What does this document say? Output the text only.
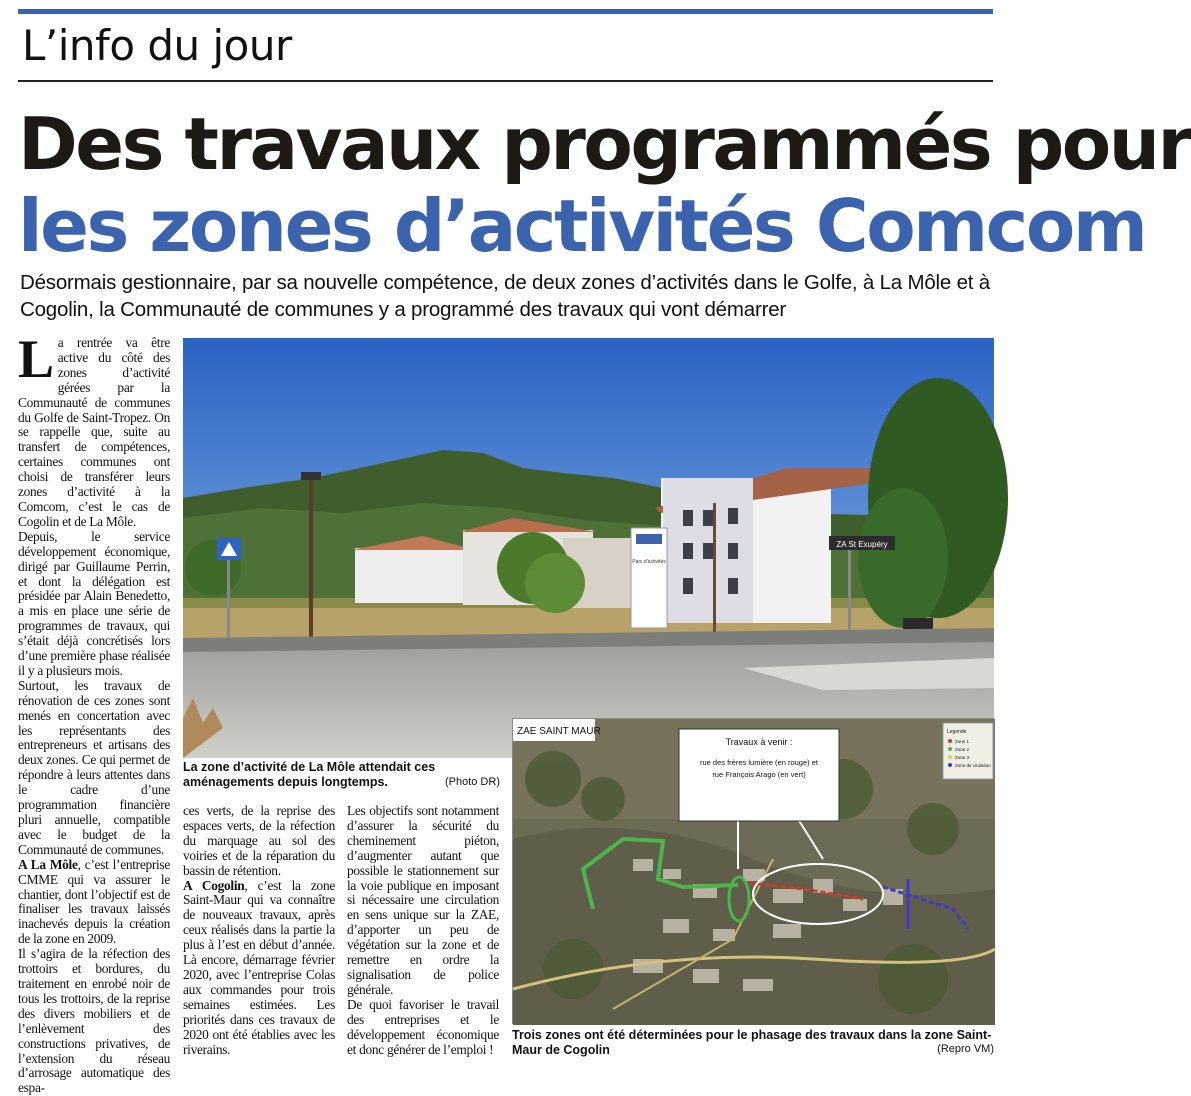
L’info du jour
Des travaux programmés pour
les zones d’activités Comcom
Désormais gestionnaire, par sa nouvelle compétence, de deux zones d’activités dans le Golfe, à La Môle et à Cogolin, la Communauté de communes y a programmé des travaux qui vont démarrer

La rentrée va être active du côté des zones d’activité gérées par la Communauté de communes du Golfe de Saint-Tropez. On se rappelle que, suite au transfert de compétences, certaines communes ont choisi de transférer leurs zones d’activité à la Comcom, c’est le cas de Cogolin et de La Môle.

Depuis, le service développement économique, dirigé par Guillaume Perrin, et dont la délégation est présidée par Alain Benedetto, a mis en place une série de programmes de travaux, qui s’était déjà concrétisés lors d’une première phase réalisée il y a plusieurs mois.

Surtout, les travaux de rénovation de ces zones sont menés en concertation avec les représentants des entrepreneurs et artisans des deux zones. Ce qui permet de répondre à leurs attentes dans le cadre d’une programmation financière pluri annuelle, compatible avec le budget de la Communauté de communes.

A La Môle, c’est l’entreprise CMME qui va assurer le chantier, dont l’objectif est de finaliser les travaux laissés inachevés depuis la création de la zone en 2009.

Il s’agira de la réfection des trottoirs et bordures, du traitement en enrobé noir de tous les trottoirs, de la reprise des divers mobiliers et de l’enlèvement des constructions privatives, de l’extension du réseau d’arrosage automatique des espa-

Parc d'activités
ZA St Exupéry
La zone d’activité de La Môle attendait ces aménagements depuis longtemps.	(Photo DR)

ces verts, de la reprise des espaces verts, de la réfection du marquage au sol des voiries et de la réparation du bassin de rétention.

A Cogolin, c’est la zone Saint-Maur qui va connaître de nouveaux travaux, après ceux réalisés dans la partie la plus à l’est en début d’année. Là encore, démarrage février 2020, avec l’entreprise Colas aux commandes pour trois semaines estimées. Les priorités dans ces travaux de 2020 ont été établies avec les riverains.

Les objectifs sont notamment d’assurer la sécurité du cheminement piéton, d’augmenter autant que possible le stationnement sur la voie publique en imposant si nécessaire une circulation en sens unique sur la ZAE, d’apporter un peu de végétation sur la zone et de remettre en ordre la signalisation de police générale.

De quoi favoriser le travail des entreprises et le développement économique et donc générer de l’emploi !

ZAE SAINT MAUR
Travaux à venir :
rue des frères lumière (en rouge) et
rue François Arago (en vert)
Legende
Zone 1
Zone 2
Zone 3
Zone de cirulation
Trois zones ont été déterminées pour le phasage des travaux dans la zone Saint-Maur de Cogolin	(Repro VM)
